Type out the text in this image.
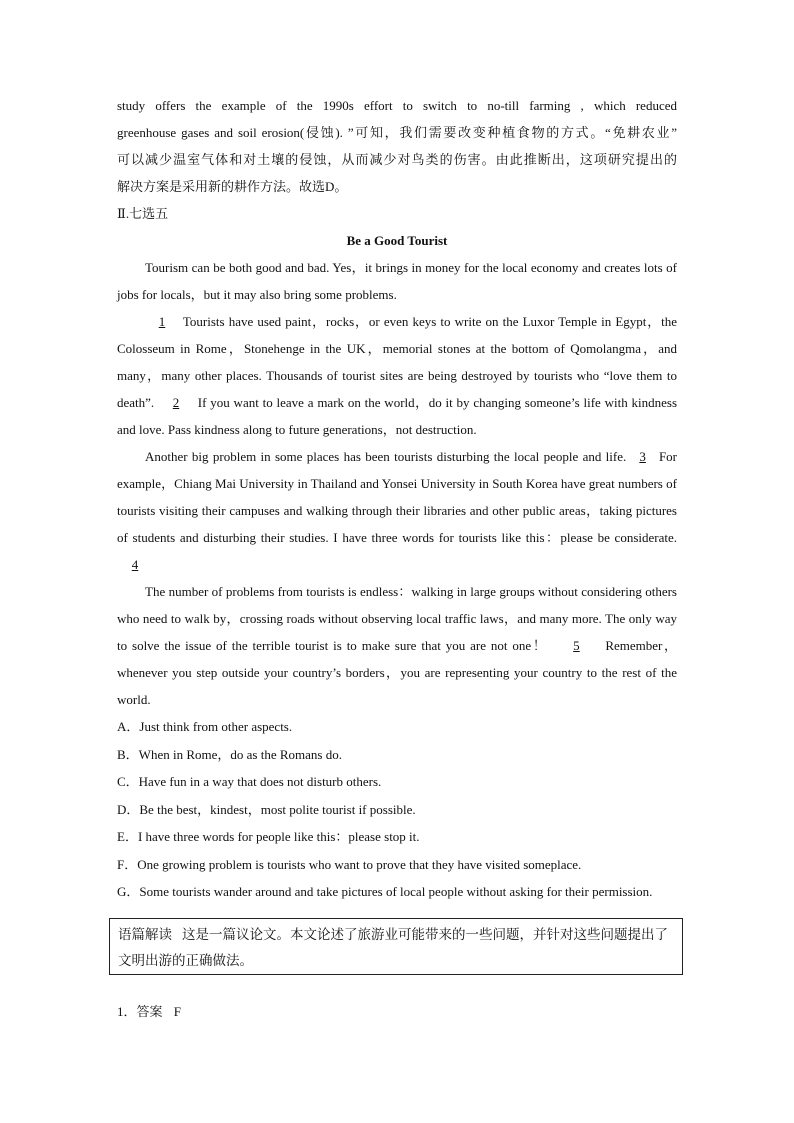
study offers the example of the 1990s effort to switch to no-till farming , which reduced

greenhouse gases and soil erosion(侵蚀). ”可知，我们需要改变种植食物的方式。“免耕农业”

可以减少温室气体和对土壤的侵蚀，从而减少对鸟类的伤害。由此推断出，这项研究提出的

解决方案是采用新的耕作方法。故选D。

Ⅱ.七选五

Be a Good Tourist

Tourism can be both good and bad. Yes，it brings in money for the local economy and creates lots of jobs for locals，but it may also bring some problems.

1 Tourists have used paint，rocks，or even keys to write on the Luxor Temple in Egypt，the Colosseum in Rome，Stonehenge in the UK，memorial stones at the bottom of Qomolangma，and many，many other places. Thousands of tourist sites are being destroyed by tourists who “love them to death”. 2 If you want to leave a mark on the world，do it by changing someone’s life with kindness and love. Pass kindness along to future generations，not destruction.

Another big problem in some places has been tourists disturbing the local people and life. 3 For example，Chiang Mai University in Thailand and Yonsei University in South Korea have great numbers of tourists visiting their campuses and walking through their libraries and other public areas，taking pictures of students and disturbing their studies. I have three words for tourists like this：please be considerate. 4

The number of problems from tourists is endless：walking in large groups without considering others who need to walk by，crossing roads without observing local traffic laws，and many more. The only way to solve the issue of the terrible tourist is to make sure that you are not one！ 5 Remember，whenever you step outside your country’s borders，you are representing your country to the rest of the world.

A．Just think from other aspects.

B．When in Rome，do as the Romans do.

C．Have fun in a way that does not disturb others.

D．Be the best，kindest，most polite tourist if possible.

E．I have three words for people like this：please stop it.

F．One growing problem is tourists who want to prove that they have visited someplace.

G．Some tourists wander around and take pictures of local people without asking for their permission.

语篇解读 这是一篇议论文。本文论述了旅游业可能带来的一些问题，并针对这些问题提出了文明出游的正确做法。
1．答案 F
